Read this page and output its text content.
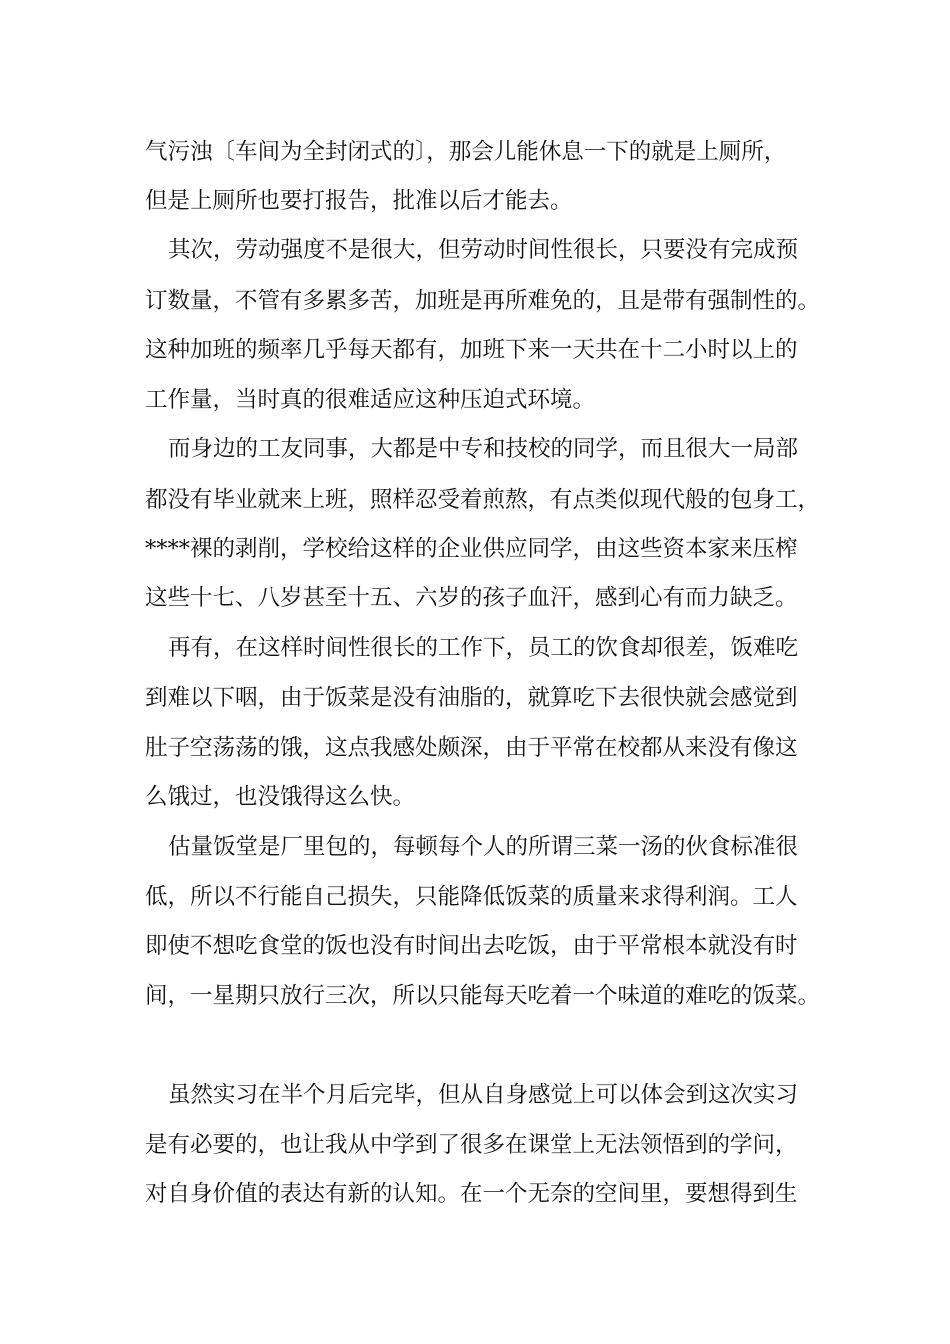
气污浊〔车间为全封闭式的〕，那会儿能休息一下的就是上厕所，
但是上厕所也要打报告，批准以后才能去。
其次，劳动强度不是很大，但劳动时间性很长，只要没有完成预
订数量，不管有多累多苦，加班是再所难免的，且是带有强制性的。
这种加班的频率几乎每天都有，加班下来一天共在十二小时以上的
工作量，当时真的很难适应这种压迫式环境。
而身边的工友同事，大都是中专和技校的同学，而且很大一局部
都没有毕业就来上班，照样忍受着煎熬，有点类似现代般的包身工，
****裸的剥削，学校给这样的企业供应同学，由这些资本家来压榨
这些十七、八岁甚至十五、六岁的孩子血汗，感到心有而力缺乏。
再有，在这样时间性很长的工作下，员工的饮食却很差，饭难吃
到难以下咽，由于饭菜是没有油脂的，就算吃下去很快就会感觉到
肚子空荡荡的饿，这点我感处颇深，由于平常在校都从来没有像这
么饿过，也没饿得这么快。
估量饭堂是厂里包的，每顿每个人的所谓三菜一汤的伙食标准很
低，所以不行能自己损失，只能降低饭菜的质量来求得利润。工人
即使不想吃食堂的饭也没有时间出去吃饭，由于平常根本就没有时
间，一星期只放行三次，所以只能每天吃着一个味道的难吃的饭菜。
虽然实习在半个月后完毕，但从自身感觉上可以体会到这次实习
是有必要的，也让我从中学到了很多在课堂上无法领悟到的学问，
对自身价值的表达有新的认知。在一个无奈的空间里，要想得到生
